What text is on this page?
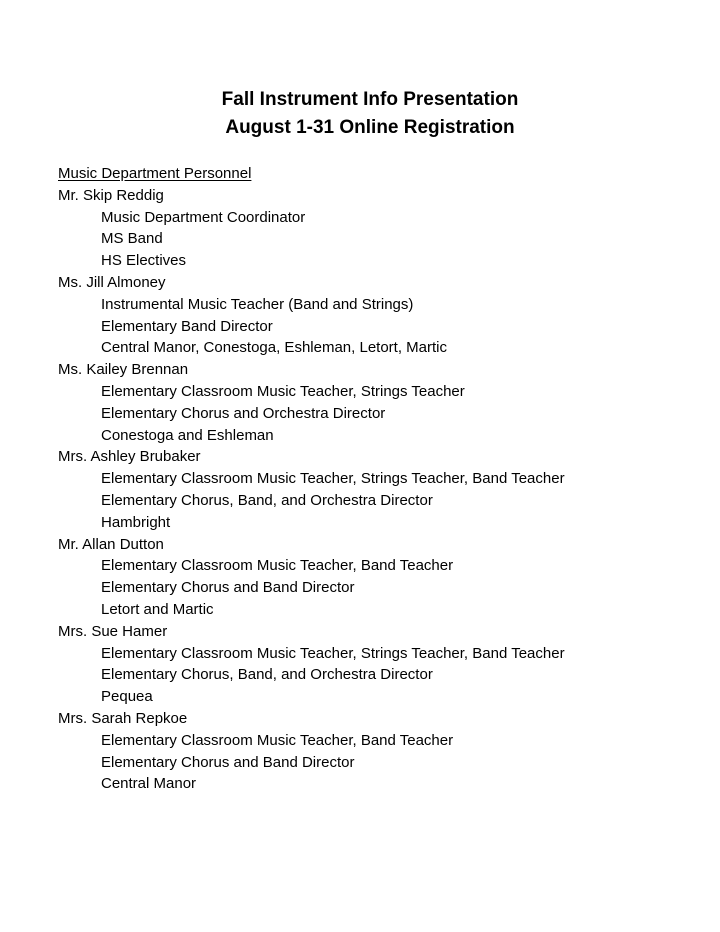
Fall Instrument Info Presentation
August 1-31 Online Registration
Music Department Personnel
Mr. Skip Reddig
Music Department Coordinator
MS Band
HS Electives
Ms. Jill Almoney
Instrumental Music Teacher (Band and Strings)
Elementary Band Director
Central Manor, Conestoga, Eshleman, Letort, Martic
Ms. Kailey Brennan
Elementary Classroom Music Teacher, Strings Teacher
Elementary Chorus and Orchestra Director
Conestoga and Eshleman
Mrs. Ashley Brubaker
Elementary Classroom Music Teacher, Strings Teacher, Band Teacher
Elementary Chorus, Band, and Orchestra Director
Hambright
Mr. Allan Dutton
Elementary Classroom Music Teacher, Band Teacher
Elementary Chorus and Band Director
Letort and Martic
Mrs. Sue Hamer
Elementary Classroom Music Teacher, Strings Teacher, Band Teacher
Elementary Chorus, Band, and Orchestra Director
Pequea
Mrs. Sarah Repkoe
Elementary Classroom Music Teacher, Band Teacher
Elementary Chorus and Band Director
Central Manor
